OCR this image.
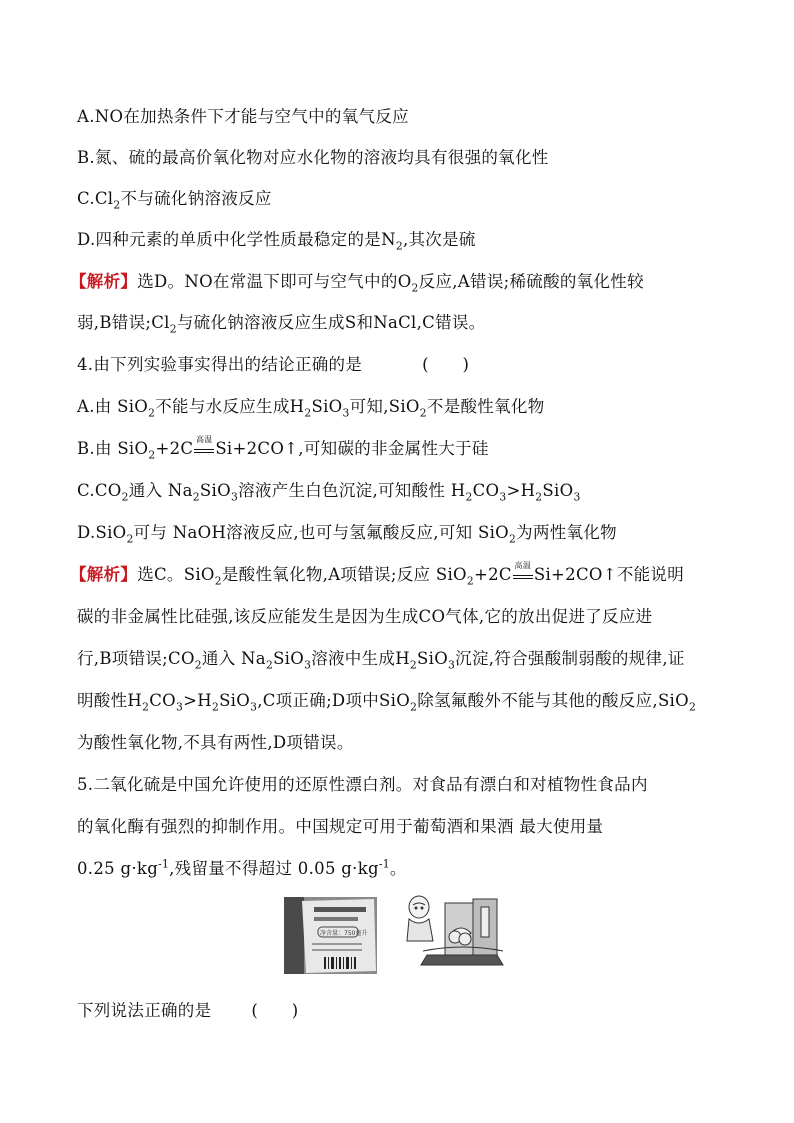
A.NO在加热条件下才能与空气中的氧气反应
B.氮、硫的最高价氧化物对应水化物的溶液均具有很强的氧化性
$C.Cl_2$不与硫化钠溶液反应
D.四种元素的单质中化学性质最稳定的是$N_2$,其次是硫
【解析】选D。NO在常温下即可与空气中的$O_2$反应,A错误;稀硫酸的氧化性较
弱,B错误$;Cl_2$与硫化钠溶液反应生成S和NaCl,C错误。
4.由下列实验事实得出的结论正确的是	(　　)
A.由 SiO$_2$不能与水反应生成$H_2SiO_3$可知,SiO$_2$不是酸性氧化物
B.由 SiO$_2$+2C 高温 Si+2CO↑,可知碳的非金属性大于硅
$C.CO_2$通入 $Na_2SiO_3$溶液产生白色沉淀,可知酸性 $H_2CO_3>H_2SiO_3$
D.SiO$_2$可与 NaOH溶液反应,也可与氢氟酸反应,可知 SiO$_2$为两性氧化物
【解析】选C。SiO$_2$是酸性氧化物,A项错误;反应 SiO$_2$+2C 高温 Si+2CO↑不能说明
碳的非金属性比硅强,该反应能发生是因为生成CO气体,它的放出促进了反应进
行,B项错误$;CO_2$通入 $Na_2SiO_3$溶液中生成$H_2SiO_3$沉淀,符合强酸制弱酸的规律,证
明酸性$H_2CO_3>H_2SiO_3,C$项正确;D项中SiO$_2$除氢氟酸外不能与其他的酸反应,SiO$_2$
为酸性氧化物,不具有两性,D项错误。
5.二氧化硫是中国允许使用的还原性漂白剂。对食品有漂白和对植物性食品内
的氧化酶有强烈的抑制作用。中国规定可用于葡萄酒和果酒 最大使用量
0.25 $g\cdot kg^{-1}$,残留量不得超过 0.05 $g\cdot kg^{-1}$。
净含量：750毫升
下列说法正确的是 (　　)
